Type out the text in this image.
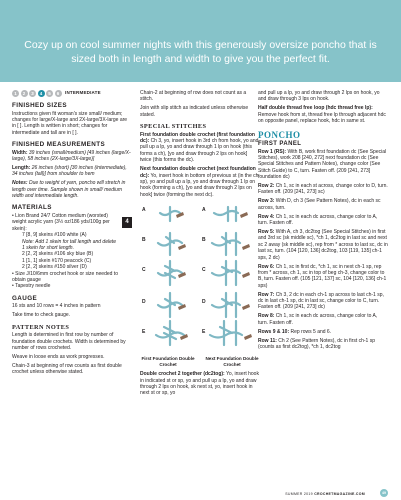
Cozy up on cool summer nights with this generously oversize poncho that is sized both in length and width to give you the perfect fit.
1	2	3	4	5	6	INTERMEDIATE
FINISHED SIZES

Instructions given fit woman's size small/ medium; changes for large/X-large and 2X-large/3X-large are in [ ]. Length is written in short; changes for intermediate and tall are in [ ].

FINISHED MEASUREMENTS

Width: 39 inches (small/medium) [49 inches (large/X-large), 58 inches (2X-large/3X-large)]

Length: 26 inches (short) [30 inches (intermediate), 34 inches (tall)] from shoulder to hem

Notes: Due to weight of yarn, poncho will stretch in length over time. Sample shown in small/ medium width and intermediate length.

MATERIALS
• Lion Brand 24/7 Cotton medium (worsted) weight acrylic yarn (3½ oz/186 yds/100g per skein):
7 [8, 9] skeins #100 white (A)
Note: Add 1 skein for tall length and delete 1 skein for short length.
2 [2, 2] skeins #106 sky blue (B)
1 [1, 1] skein #170 peacock (C)
2 [2, 2] skeins #150 silver (D)
4
• Size J/10/6mm crochet hook or size needed to obtain gauge
• Tapestry needle
GAUGE

16 sts and 10 rows = 4 inches in pattern

Take time to check gauge.

PATTERN NOTES

Length is determined in first row by number of foundation double crochets. Width is determined by number of rows crocheted.

Weave in loose ends as work progresses.

Chain-3 at beginning of row counts as first double crochet unless otherwise stated.

Chain-2 at beginning of row does not count as a stitch.

Join with slip stitch as indicated unless otherwise stated.

SPECIAL STITCHES

First foundation double crochet (first foundation dc): Ch 3, yo, insert hook in 3rd ch from hook, yo and pull up a lp, yo and draw through 1 lp on hook (this forms a ch), [yo and draw through 2 lps on hook] twice (this forms the dc).

Next foundation double crochet (next foundation dc): Yo, insert hook in bottom of previous st (in the ch sp), yo and pull up a lp, yo and draw through 1 lp on hook (forming a ch), [yo and draw through 2 lps on hook] twice (forming the next dc).

A
B
C
D
E
A
B
C
D
E
First Foundation Double Crochet
Next Foundation Double Crochet

Double crochet 2 together (dc2tog): Yo, insert hook in indicated st or sp, yo and pull up a lp, yo and draw through 2 lps on hook, sk next st, yo, insert hook in next st or sp, yo

and pull up a lp, yo and draw through 2 lps on hook, yo and draw through 3 lps on hook.

Half double thread free loop (hdc thread free lp): Remove hook from st, thread free lp through adjacent hdc on opposite panel, replace hook, hdc in same st.

PONCHO
FIRST PANEL

Row 1 (RS): With B, work first foundation dc (See Special Stitches), work 208 [240, 272] next foundation dc (See Special Stitches and Pattern Notes), change color (See Stitch Guide) to C, turn. Fasten off. (209 [241, 273] foundation dc)

Row 2: Ch 1, sc in each st across, change color to D, turn. Fasten off. (209 [241, 273] sc)

Row 3: With D, ch 3 (See Pattern Notes), dc in each sc across, turn.

Row 4: Ch 1, sc in each dc across, change color to A, turn. Fasten off.

Row 5: With A, ch 3, dc2tog (See Special Stitches) in first and 3rd sc (sk middle sc), *ch 1, dc2tog in last sc and next sc 2 away (sk middle sc), rep from * across to last sc, dc in last sc, turn. (104 [120, 136] dc2tog, 103 [119, 135] ch-1 sps, 2 dc)

Row 6: Ch 1, sc in first dc, *ch 1, sc in next ch-1 sp, rep from * across, ch 1, sc in top of beg ch-3, change color to B, turn. Fasten off. (105 [121, 137] sc, 104 [120, 136] ch-1 sps)

Row 7: Ch 3, 2 dc in each ch-1 sp across to last ch-1 sp, dc in last ch-1 sp, dc in last sc, change color to C, turn. Fasten off. (209 [241, 273] dc)

Row 8: Ch 1, sc in each dc across, change color to A, turn. Fasten off.

Rows 9 & 10: Rep rows 5 and 6.

Row 11: Ch 2 (See Pattern Notes), dc in first ch-1 sp (counts as first dc2tog), *ch 1, dc2tog

SUMMER 2019 CROCHETMAGAZINE.COM	49
